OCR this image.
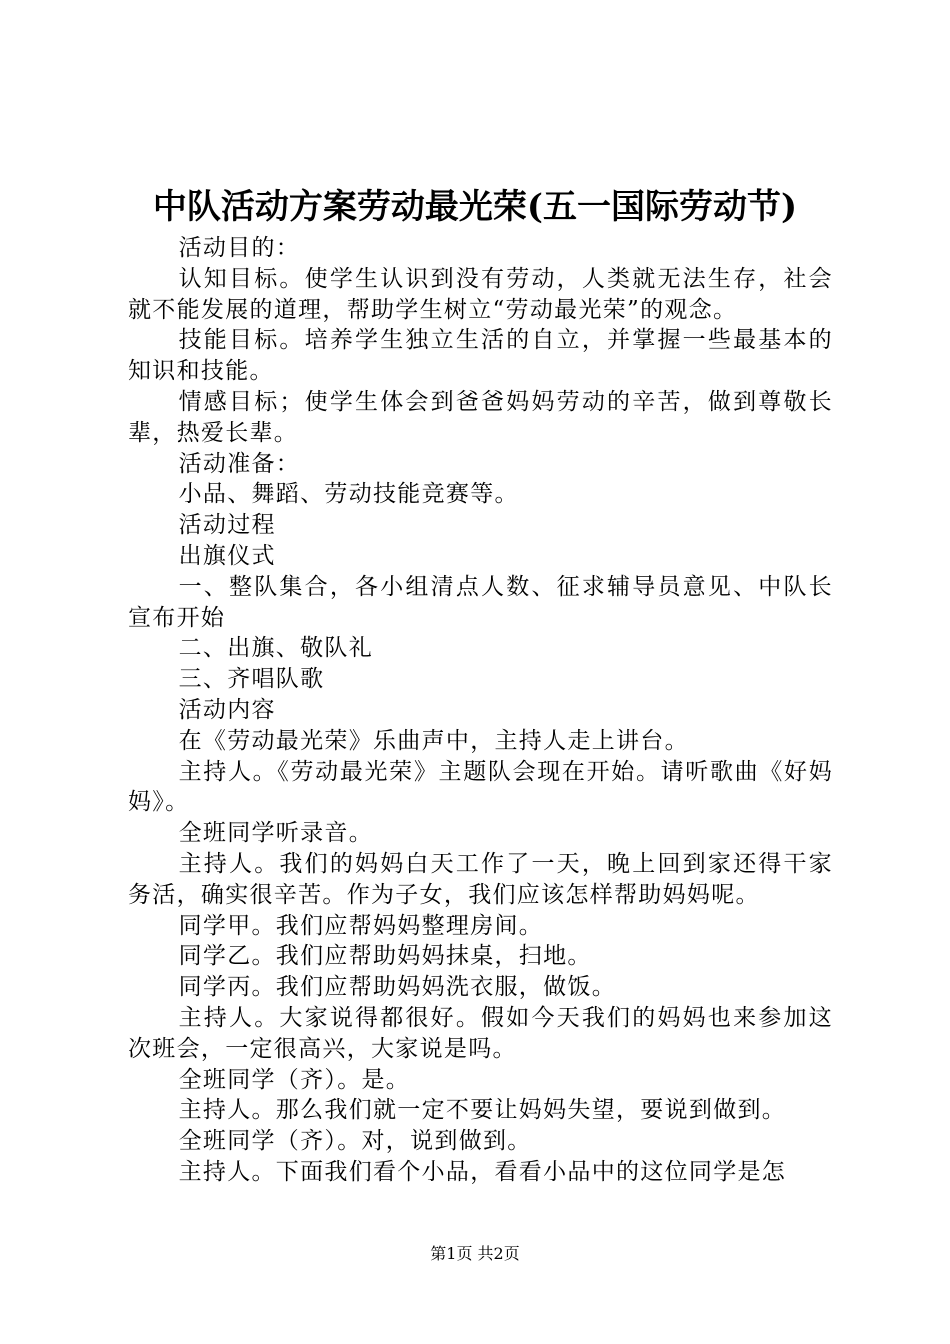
中队活动方案劳动最光荣(五一国际劳动节)

活动目的：

认知目标。使学生认识到没有劳动，人类就无法生存，社会就不能发展的道理，帮助学生树立“劳动最光荣”的观念。

技能目标。培养学生独立生活的自立，并掌握一些最基本的知识和技能。

情感目标；使学生体会到爸爸妈妈劳动的辛苦，做到尊敬长辈，热爱长辈。

活动准备：

小品、舞蹈、劳动技能竞赛等。

活动过程

出旗仪式

一、整队集合，各小组清点人数、征求辅导员意见、中队长宣布开始

二、出旗、敬队礼

三、齐唱队歌

活动内容

在《劳动最光荣》乐曲声中，主持人走上讲台。

主持人。《劳动最光荣》主题队会现在开始。请听歌曲《好妈妈》。

全班同学听录音。

主持人。我们的妈妈白天工作了一天，晚上回到家还得干家务活，确实很辛苦。作为子女，我们应该怎样帮助妈妈呢。

同学甲。我们应帮妈妈整理房间。

同学乙。我们应帮助妈妈抹桌，扫地。

同学丙。我们应帮助妈妈洗衣服，做饭。

主持人。大家说得都很好。假如今天我们的妈妈也来参加这次班会，一定很高兴，大家说是吗。

全班同学（齐）。是。

主持人。那么我们就一定不要让妈妈失望，要说到做到。

全班同学（齐）。对，说到做到。

主持人。下面我们看个小品，看看小品中的这位同学是怎

第1页 共2页
